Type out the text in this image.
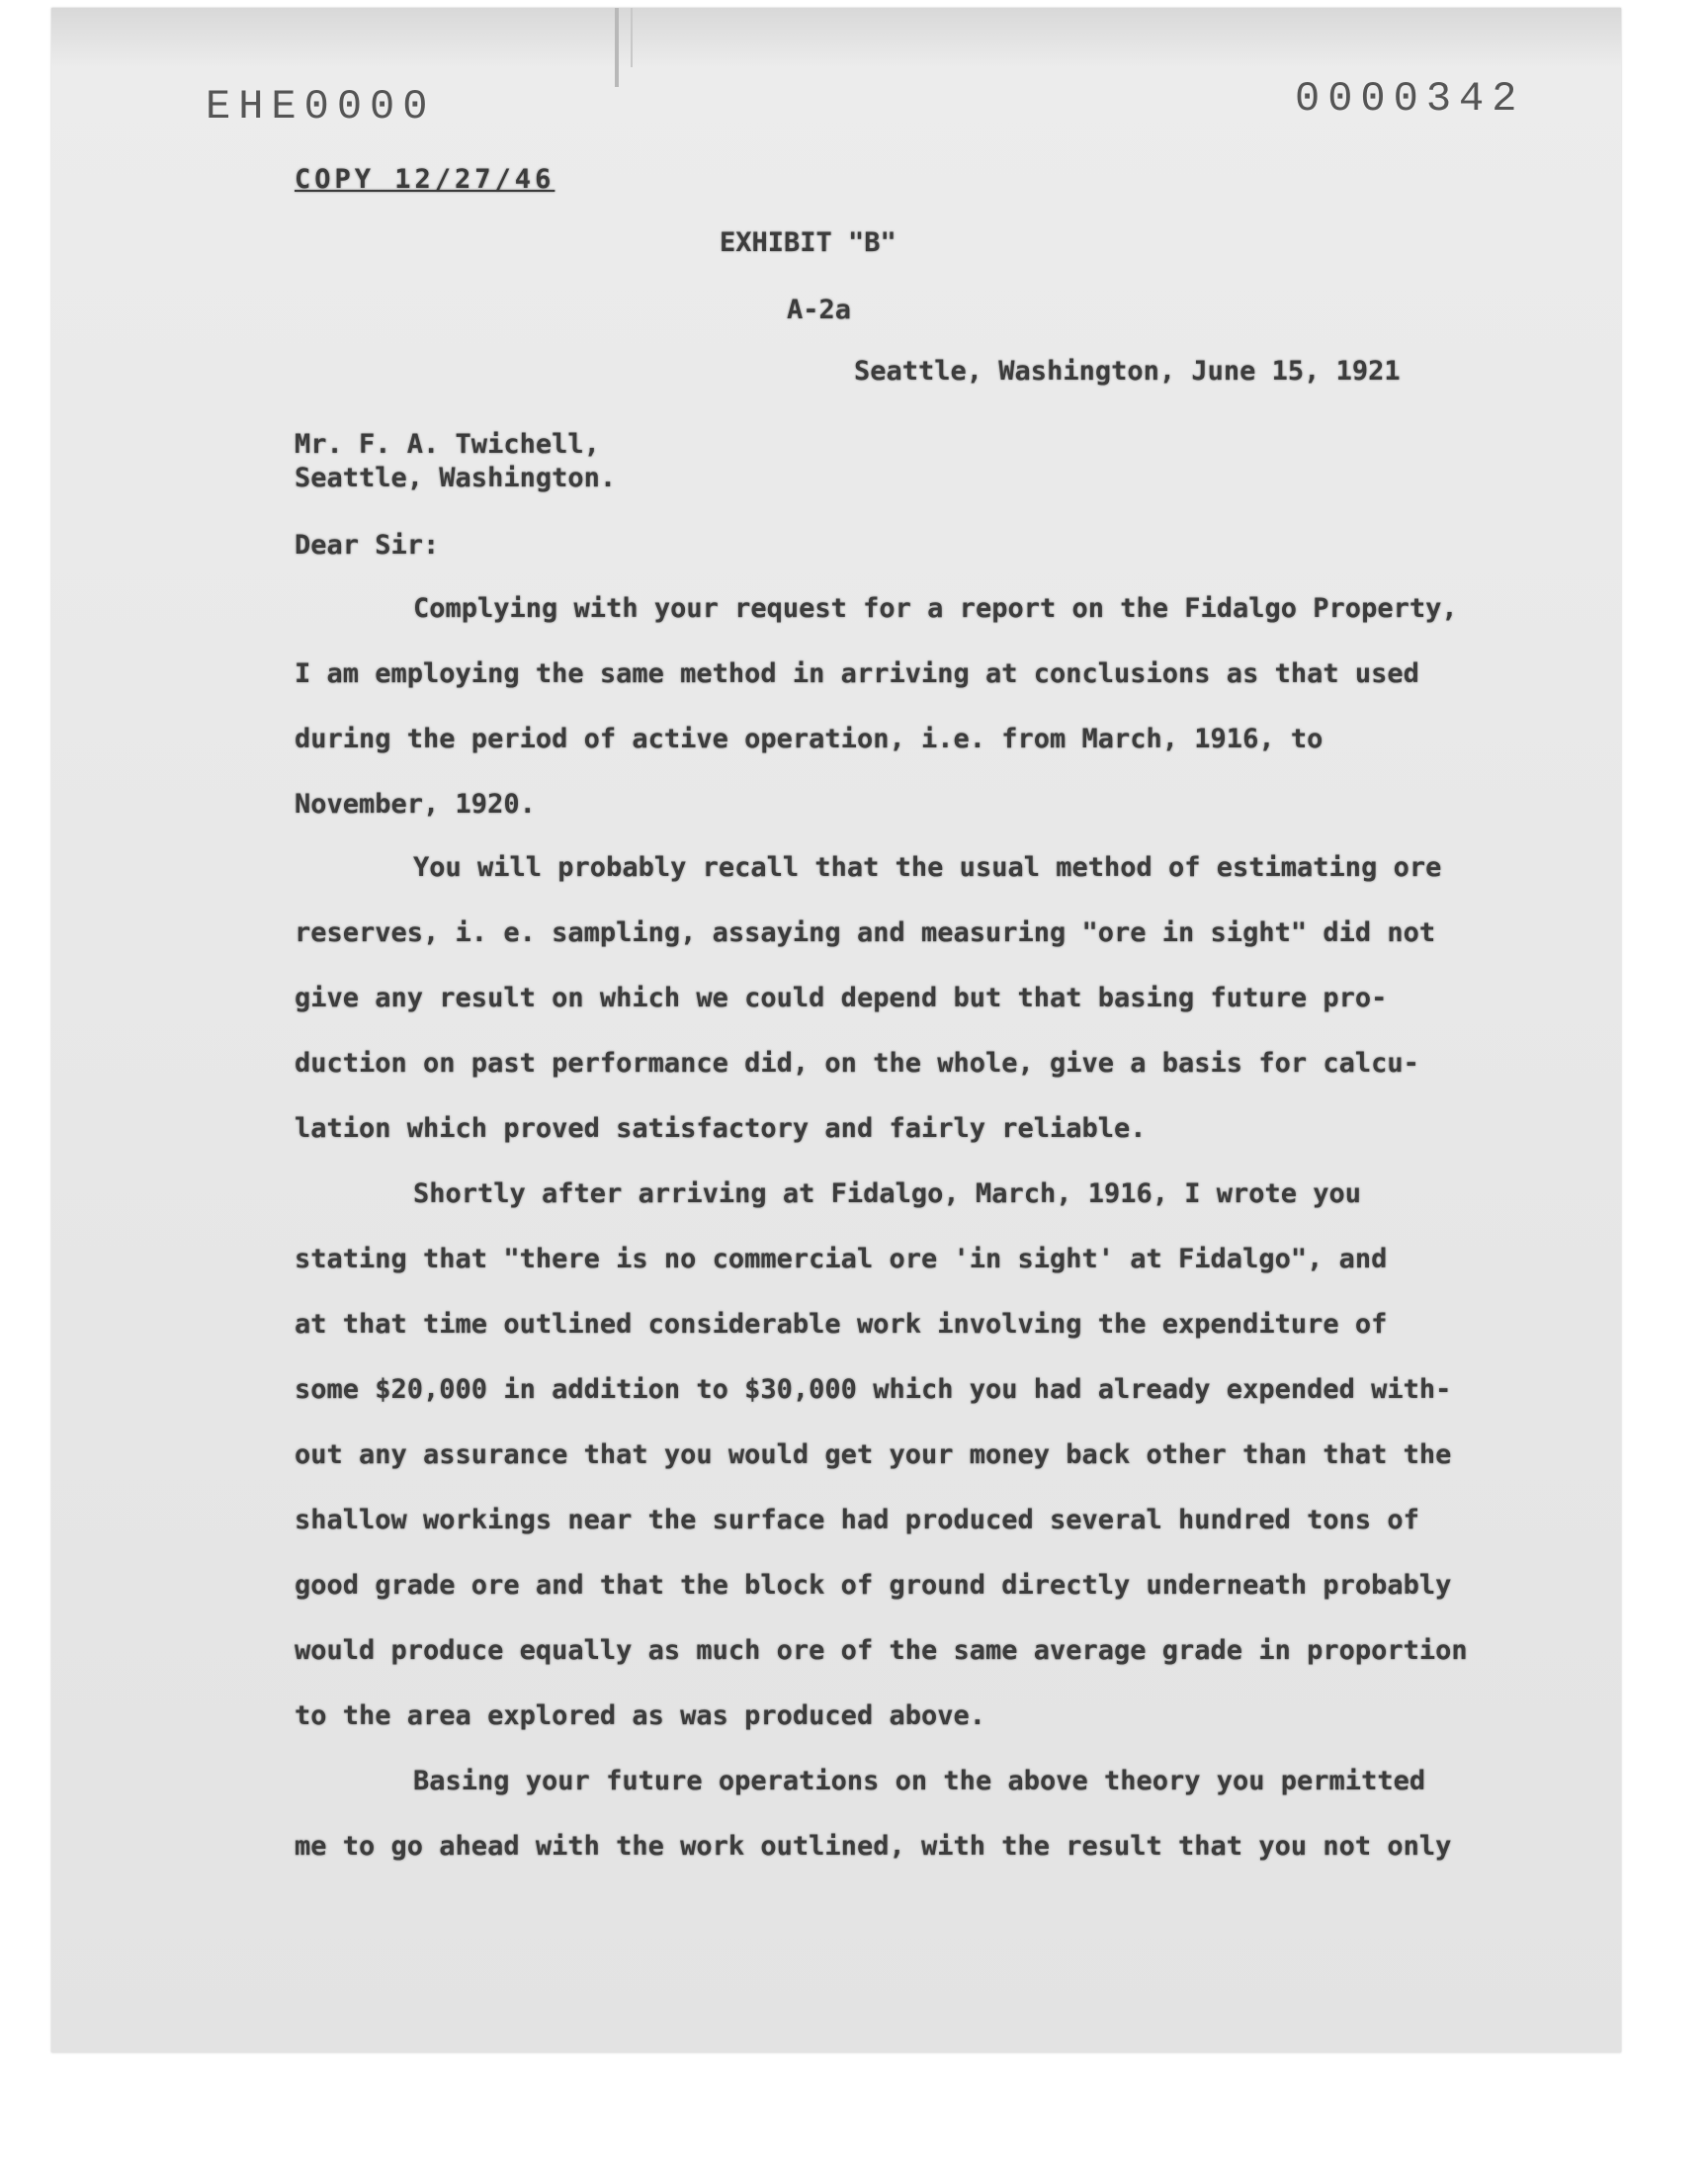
EHE0000	0000342
COPY 12/27/46
EXHIBIT "B"
A-2a
Seattle, Washington, June 15, 1921
Mr. F. A. Twichell,
Seattle, Washington.
Dear Sir:
Complying with your request for a report on the Fidalgo Property,
I am employing the same method in arriving at conclusions as that used
during the period of active operation, i.e. from March, 1916, to
November, 1920.
You will probably recall that the usual method of estimating ore
reserves, i. e. sampling, assaying and measuring "ore in sight" did not
give any result on which we could depend but that basing future pro-
duction on past performance did, on the whole, give a basis for calcu-
lation which proved satisfactory and fairly reliable.
Shortly after arriving at Fidalgo, March, 1916, I wrote you
stating that "there is no commercial ore 'in sight' at Fidalgo", and
at that time outlined considerable work involving the expenditure of
some $20,000 in addition to $30,000 which you had already expended with-
out any assurance that you would get your money back other than that the
shallow workings near the surface had produced several hundred tons of
good grade ore and that the block of ground directly underneath probably
would produce equally as much ore of the same average grade in proportion
to the area explored as was produced above.
Basing your future operations on the above theory you permitted
me to go ahead with the work outlined, with the result that you not only
